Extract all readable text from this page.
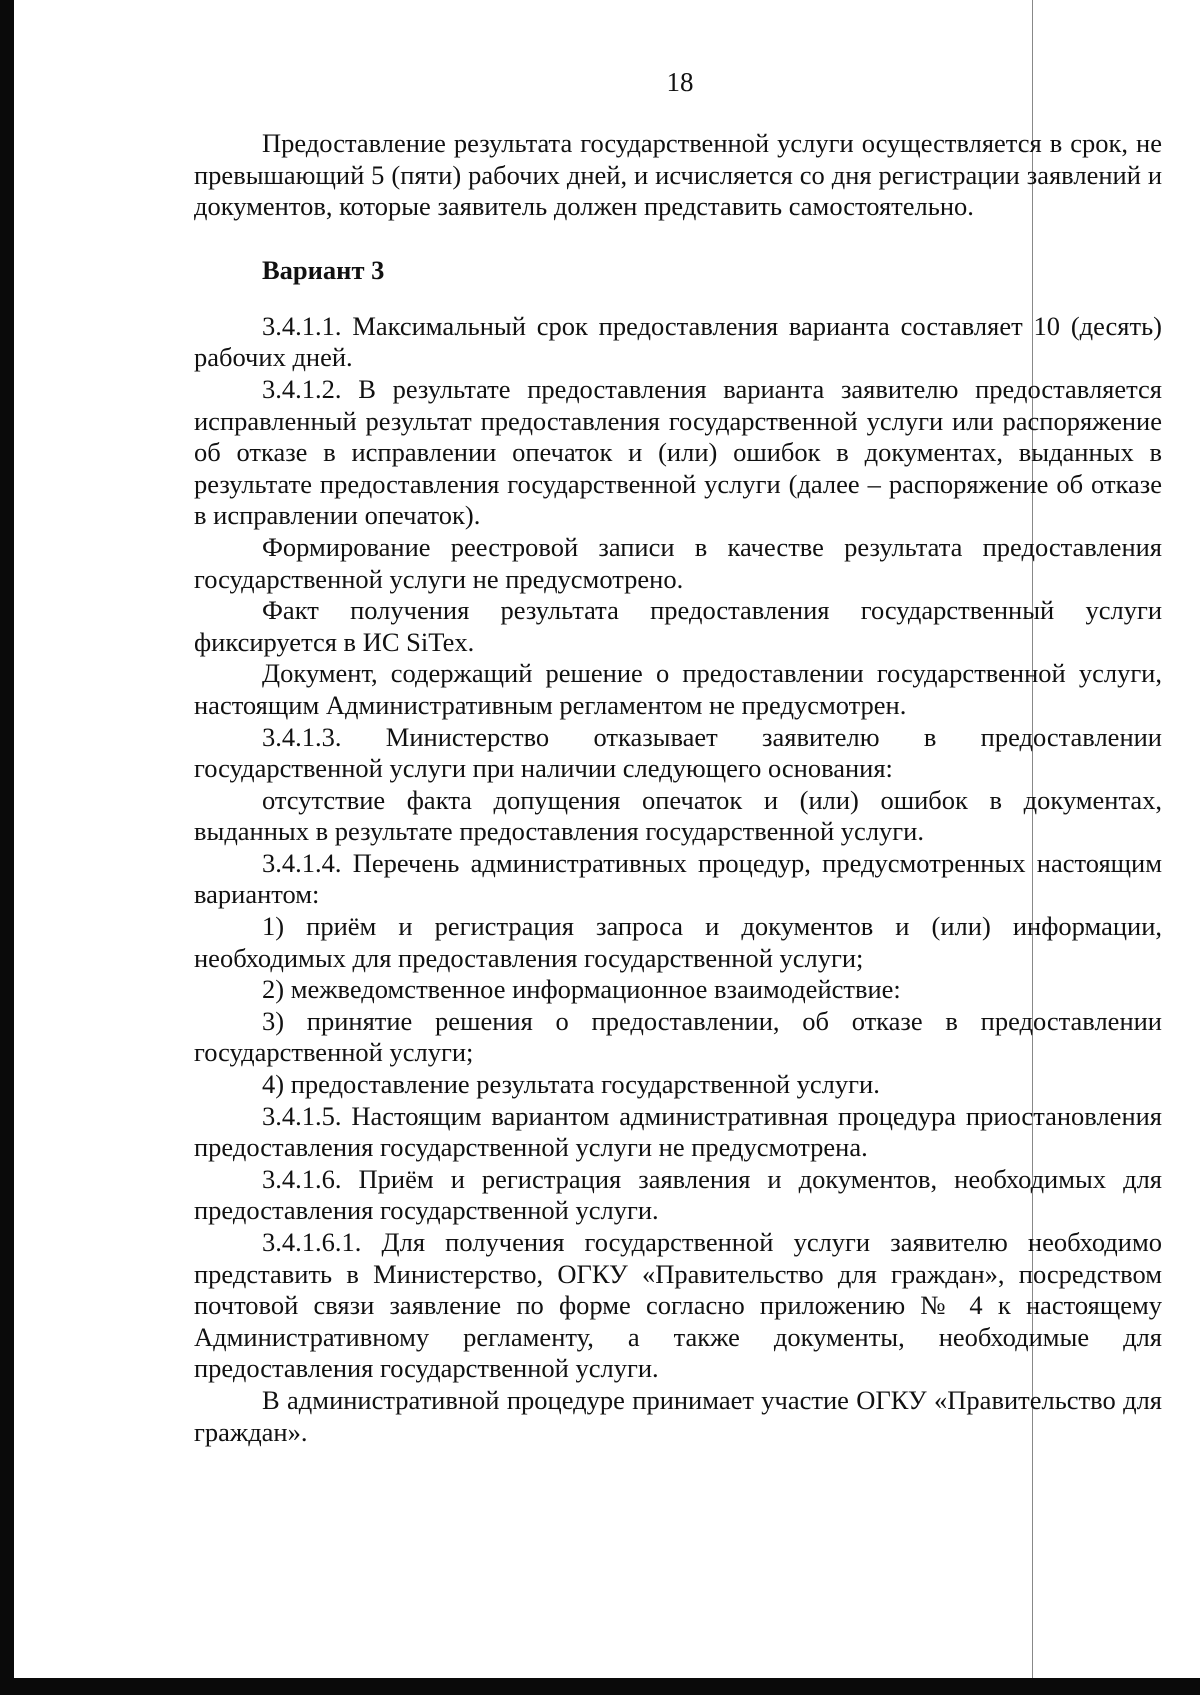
18

Предоставление результата государственной услуги осуществляется в срок, не превышающий 5 (пяти) рабочих дней, и исчисляется со дня регистрации заявлений и документов, которые заявитель должен представить самостоятельно.

Вариант 3

3.4.1.1. Максимальный срок предоставления варианта составляет 10 (десять) рабочих дней.

3.4.1.2. В результате предоставления варианта заявителю предоставляется исправленный результат предоставления государственной услуги или распоряжение об отказе в исправлении опечаток и (или) ошибок в документах, выданных в результате предоставления государственной услуги (далее – распоряжение об отказе в исправлении опечаток).

Формирование реестровой записи в качестве результата предоставления государственной услуги не предусмотрено.

Факт получения результата предоставления государственный услуги фиксируется в ИС SiTex.

Документ, содержащий решение о предоставлении государственной услуги, настоящим Административным регламентом не предусмотрен.

3.4.1.3. Министерство отказывает заявителю в предоставлении государственной услуги при наличии следующего основания:

отсутствие факта допущения опечаток и (или) ошибок в документах, выданных в результате предоставления государственной услуги.

3.4.1.4. Перечень административных процедур, предусмотренных настоящим вариантом:

1) приём и регистрация запроса и документов и (или) информации, необходимых для предоставления государственной услуги;

2) межведомственное информационное взаимодействие:

3) принятие решения о предоставлении, об отказе в предоставлении государственной услуги;

4) предоставление результата государственной услуги.

3.4.1.5. Настоящим вариантом административная процедура приостановления предоставления государственной услуги не предусмотрена.

3.4.1.6. Приём и регистрация заявления и документов, необходимых для предоставления государственной услуги.

3.4.1.6.1. Для получения государственной услуги заявителю необходимо представить в Министерство, ОГКУ «Правительство для граждан», посредством почтовой связи заявление по форме согласно приложению № 4 к настоящему Административному регламенту, а также документы, необходимые для предоставления государственной услуги.

В административной процедуре принимает участие ОГКУ «Правительство для граждан».
